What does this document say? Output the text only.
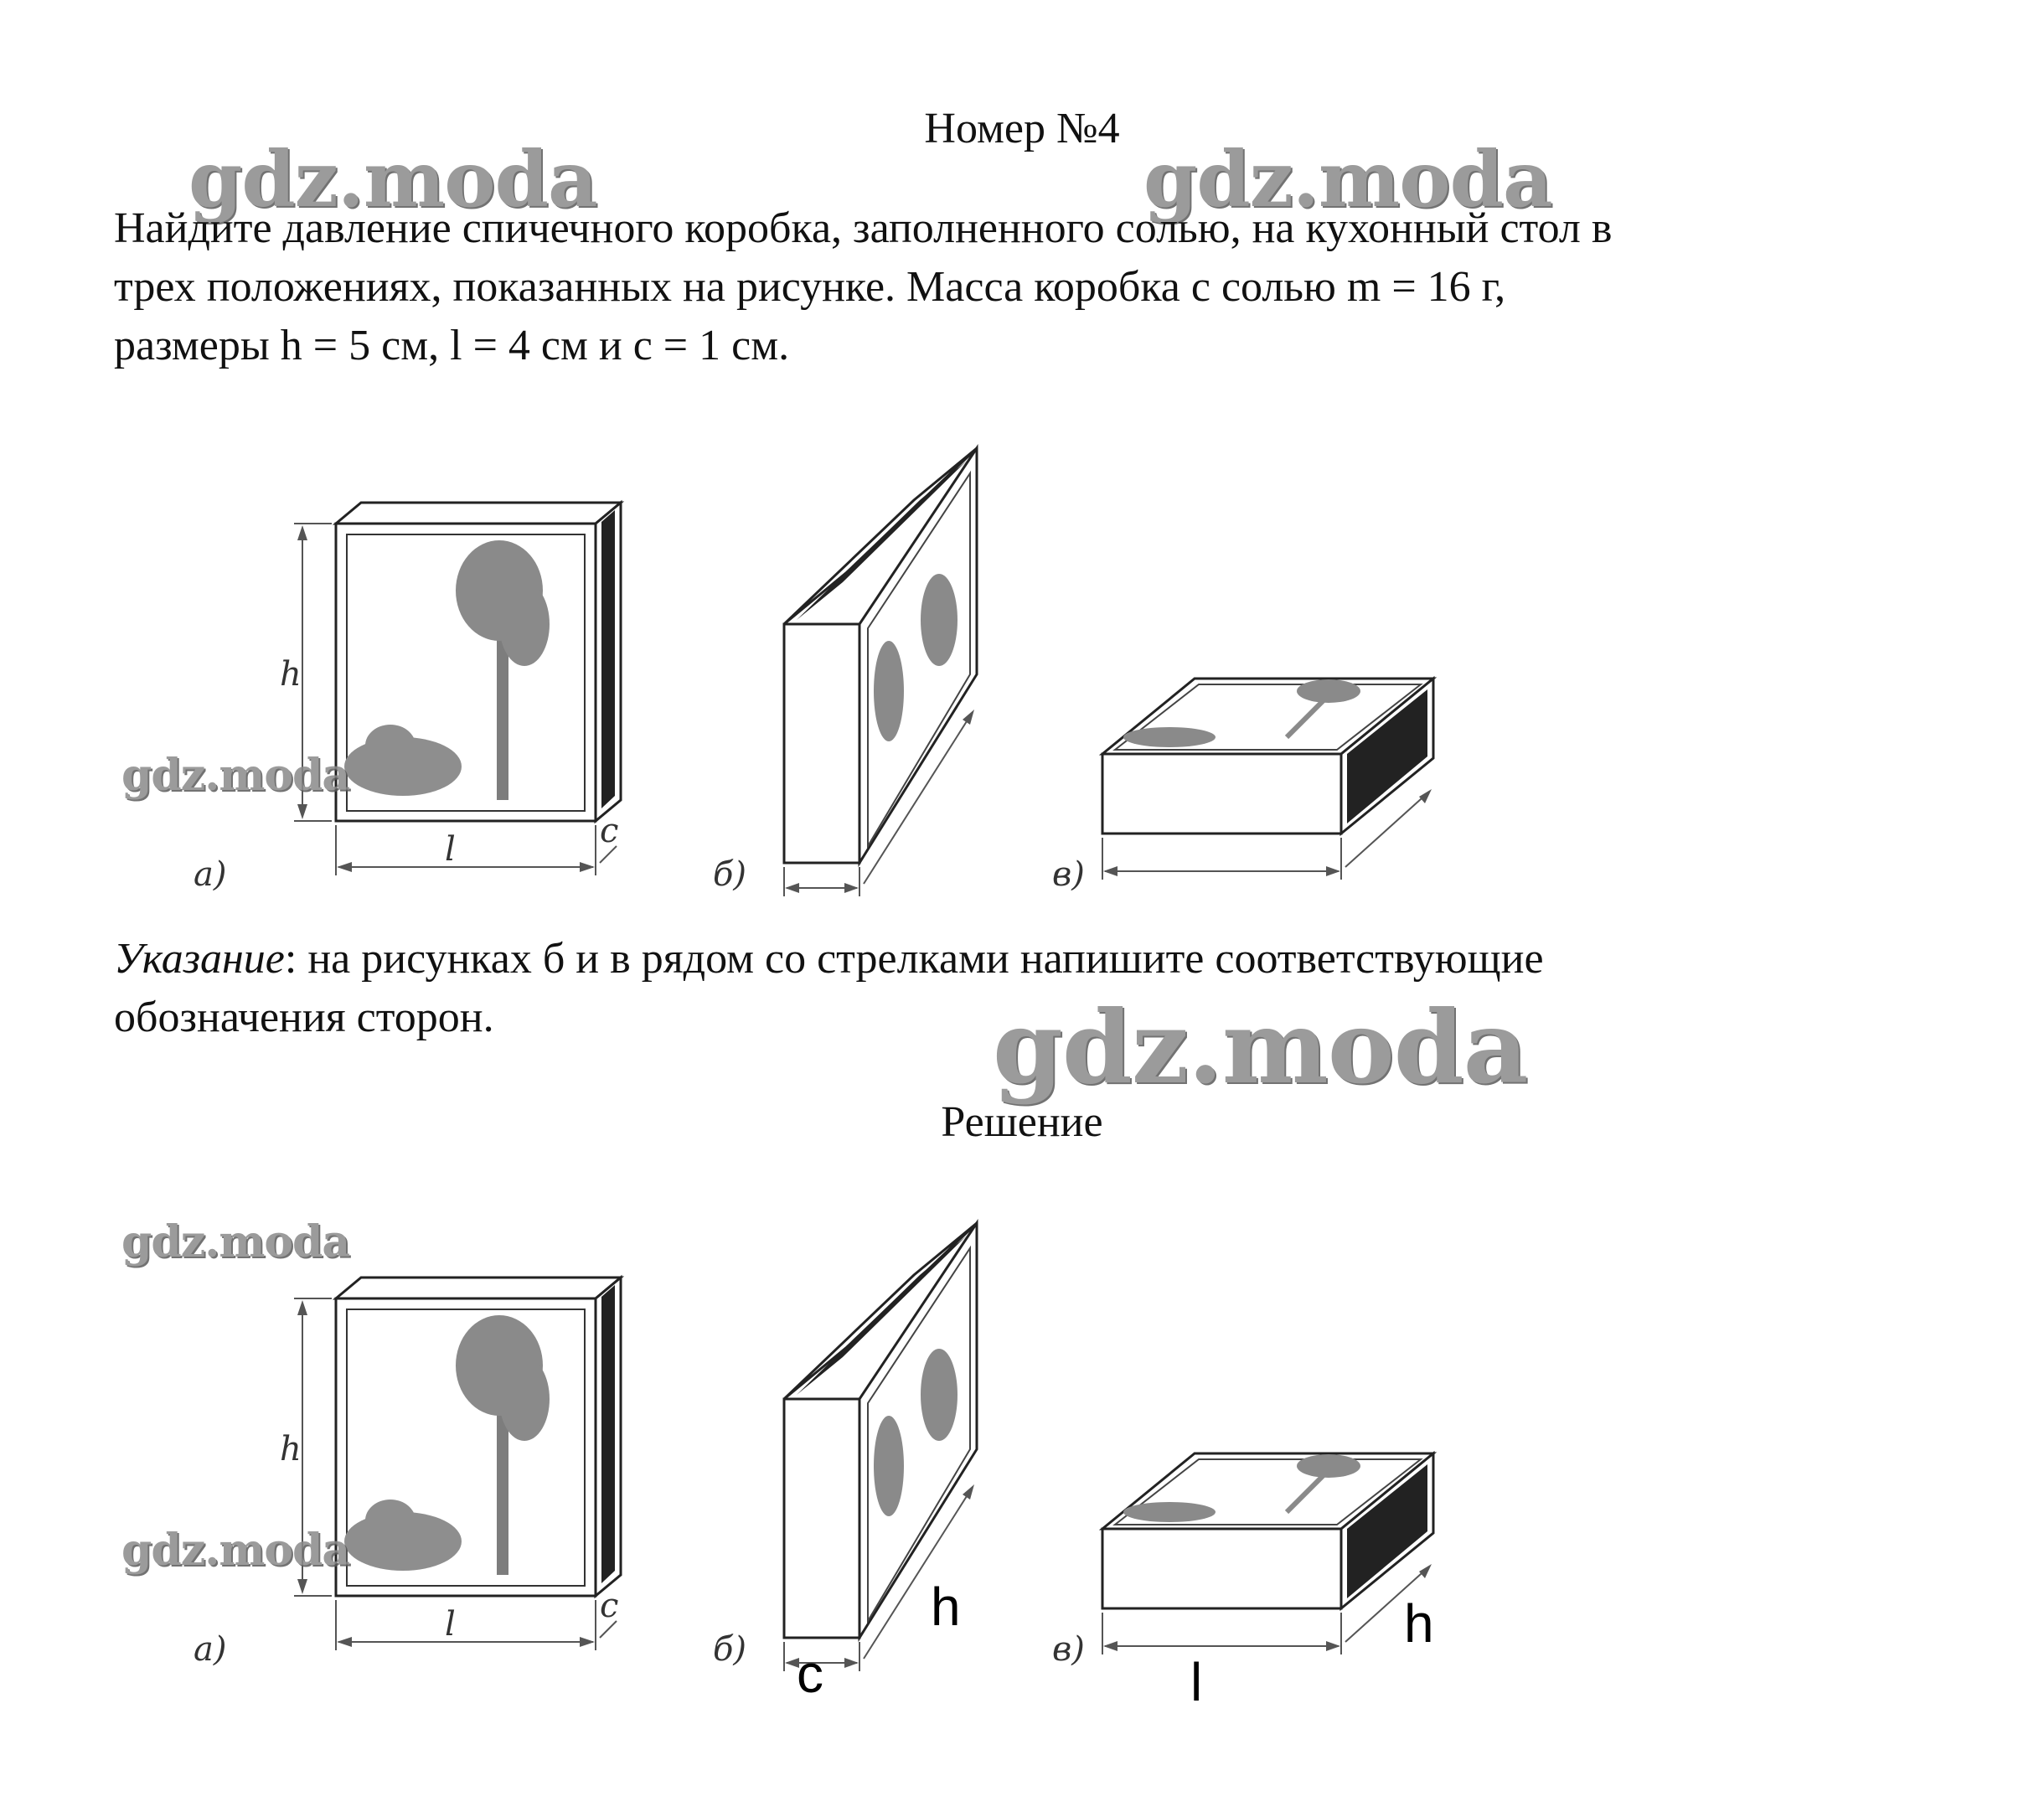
Номер №4
gdz.moda	gdz.moda
Найдите давление спичечного коробка, заполненного солью, на кухонный стол в
трех положениях, показанных на рисунке. Масса коробка с солью m = 16 г,
размеры h = 5 см, l = 4 см и c = 1 см.
h
l	c
а)	б)	в)
gdz.moda
Указание: на рисунках б и в рядом со стрелками напишите соответствующие
обозначения сторон.	gdz.moda
Решение
h
l	c
а)	б)	в)
c
h
l
h
gdz.moda
gdz.moda
